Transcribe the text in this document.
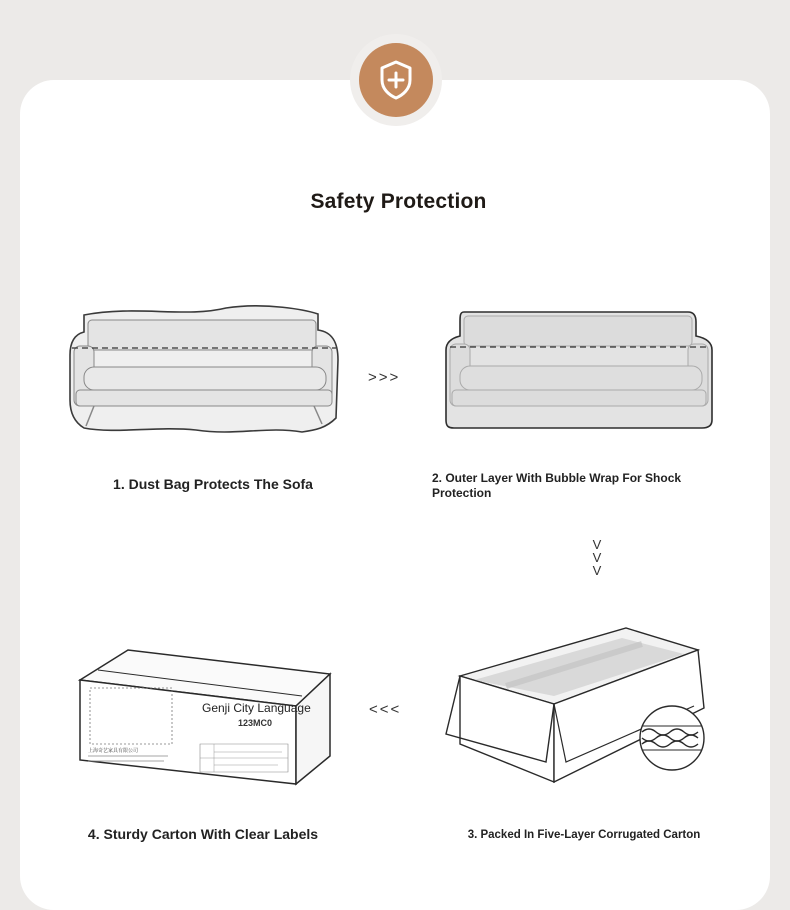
Safety Protection
>>>
1. Dust Bag Protects The Sofa	2. Outer Layer With Bubble Wrap For Shock Protection
V
V
V
Genji City Language
123MC0
上海奇艺家具有限公司
<<<
4. Sturdy Carton With Clear Labels	3. Packed In Five-Layer Corrugated Carton
